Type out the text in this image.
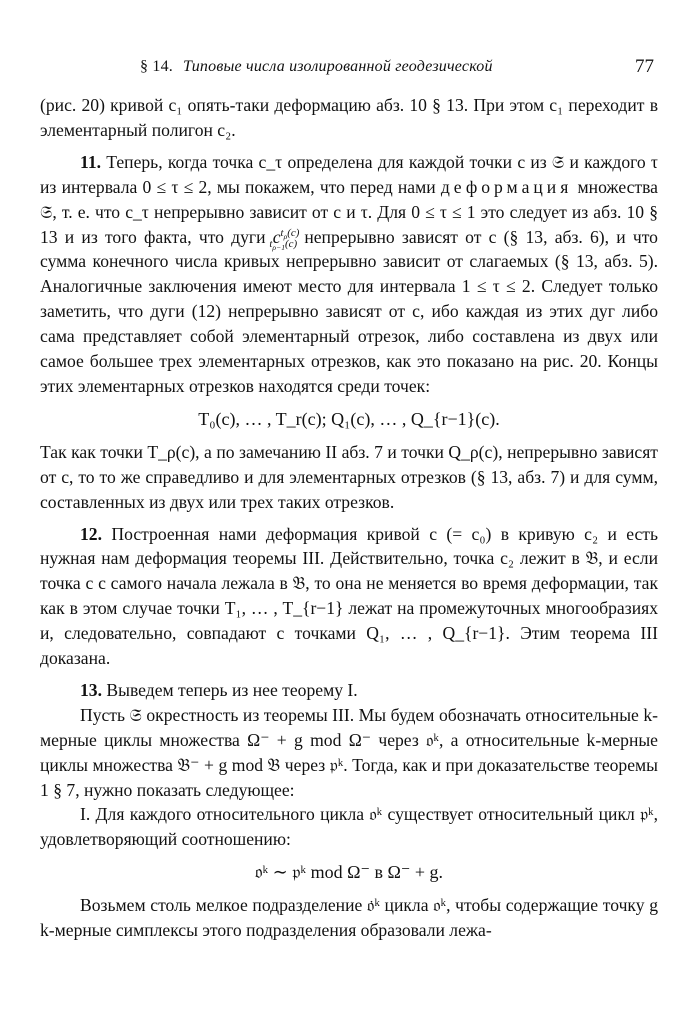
§ 14. Типовые числа изолированной геодезической	77

(рис. 20) кривой c₁ опять-таки деформацию абз. 10 § 13. При этом c₁ переходит в элементарный полигон c₂.

11. Теперь, когда точка c_τ определена для каждой точки c из 𝔖 и каждого τ из интервала 0 ≤ τ ≤ 2, мы покажем, что перед нами деформация множества 𝔖, т. е. что c_τ непрерывно зависит от c и τ. Для 0 ≤ τ ≤ 1 это следует из абз. 10 § 13 и из того факта, что дуги $c^{t_\rho(c)}_{t_{\rho-1}(c)}$ непрерывно зависят от c (§ 13, абз. 6), и что сумма конечного числа кривых непрерывно зависит от слагаемых (§ 13, абз. 5). Аналогичные заключения имеют место для интервала 1 ≤ τ ≤ 2. Следует только заметить, что дуги (12) непрерывно зависят от c, ибо каждая из этих дуг либо сама представляет собой элементарный отрезок, либо составлена из двух или самое большее трех элементарных отрезков, как это показано на рис. 20. Концы этих элементарных отрезков находятся среди точек:

T₀(c), … , T_r(c); Q₁(c), … , Q_{r−1}(c).

Так как точки T_ρ(c), а по замечанию II абз. 7 и точки Q_ρ(c), непрерывно зависят от c, то то же справедливо и для элементарных отрезков (§ 13, абз. 7) и для сумм, составленных из двух или трех таких отрезков.

12. Построенная нами деформация кривой c (= c₀) в кривую c₂ и есть нужная нам деформация теоремы III. Действительно, точка c₂ лежит в 𝔅, и если точка c с самого начала лежала в 𝔅, то она не меняется во время деформации, так как в этом случае точки T₁, … , T_{r−1} лежат на промежуточных многообразиях и, следовательно, совпадают с точками Q₁, … , Q_{r−1}. Этим теорема III доказана.

13. Выведем теперь из нее теорему I.

Пусть 𝔖 окрестность из теоремы III. Мы будем обозначать относительные k-мерные циклы множества Ω⁻ + g mod Ω⁻ через 𝔬ᵏ, а относительные k-мерные циклы множества 𝔅⁻ + g mod 𝔅 через 𝔭ᵏ. Тогда, как и при доказательстве теоремы 1 § 7, нужно показать следующее:

I. Для каждого относительного цикла 𝔬ᵏ существует относительный цикл 𝔭ᵏ, удовлетворяющий соотношению:

𝔬ᵏ ∼ 𝔭ᵏ mod Ω⁻ в Ω⁻ + g.

Возьмем столь мелкое подразделение 𝔬̇ᵏ цикла 𝔬ᵏ, чтобы содержащие точку g k-мерные симплексы этого подразделения образовали лежа-
